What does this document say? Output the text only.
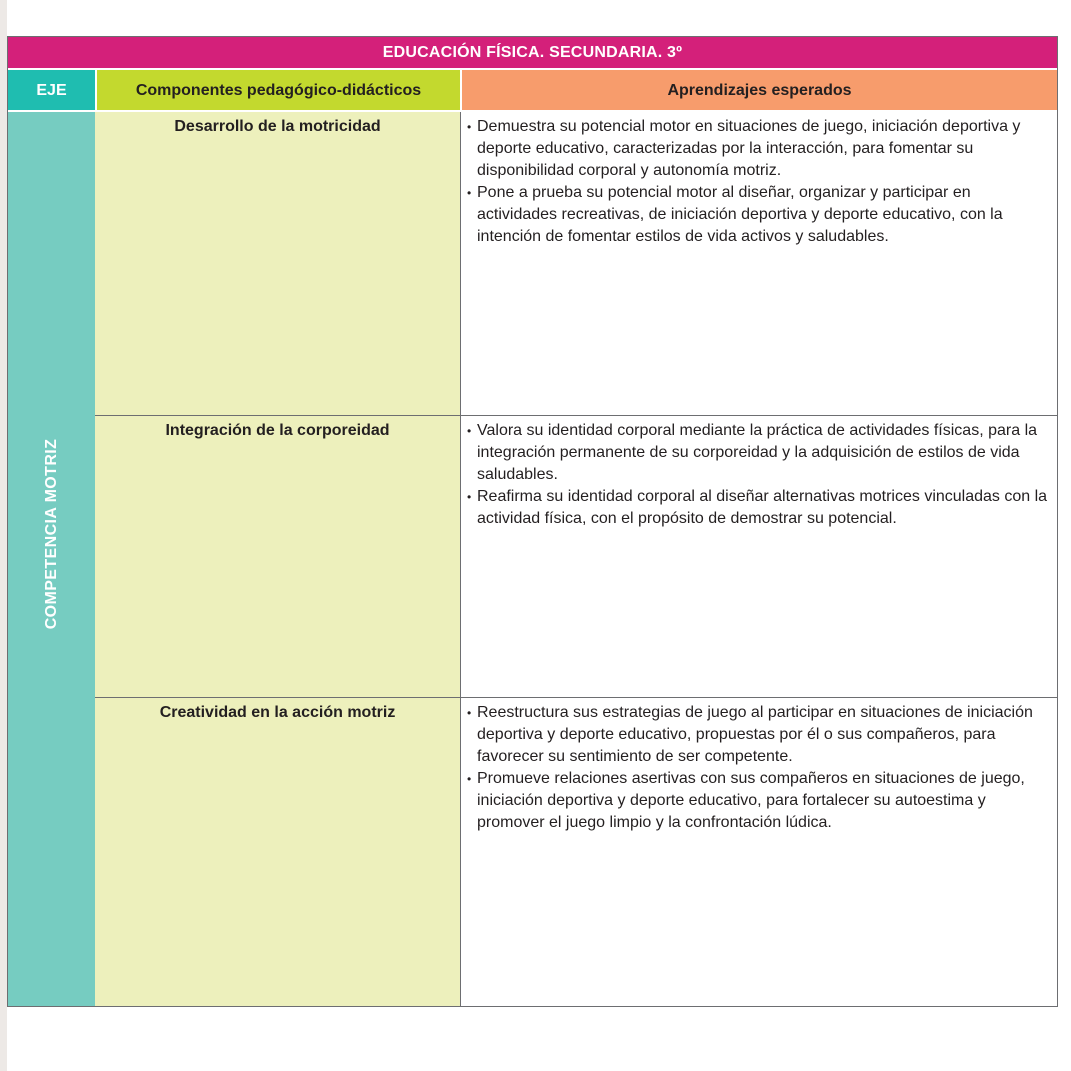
EDUCACIÓN FÍSICA. SECUNDARIA. 3º
EJE	Componentes pedagógico-didácticos	Aprendizajes esperados
COMPETENCIA MOTRIZ
Desarrollo de la motricidad	• Demuestra su potencial motor en situaciones de juego, iniciación deportiva y deporte educativo, caracterizadas por la interacción, para fomentar su disponibilidad corporal y autonomía motriz.
• Pone a prueba su potencial motor al diseñar, organizar y participar en actividades recreativas, de iniciación deportiva y deporte educativo, con la intención de fomentar estilos de vida activos y saludables.
Integración de la corporeidad	• Valora su identidad corporal mediante la práctica de actividades físicas, para la integración permanente de su corporeidad y la adquisición de estilos de vida saludables.
• Reafirma su identidad corporal al diseñar alternativas motrices vinculadas con la actividad física, con el propósito de demostrar su potencial.
Creatividad en la acción motriz	• Reestructura sus estrategias de juego al participar en situaciones de iniciación deportiva y deporte educativo, propuestas por él o sus compañeros, para favorecer su sentimiento de ser competente.
• Promueve relaciones asertivas con sus compañeros en situaciones de juego, iniciación deportiva y deporte educativo, para fortalecer su autoestima y promover el juego limpio y la confrontación lúdica.
